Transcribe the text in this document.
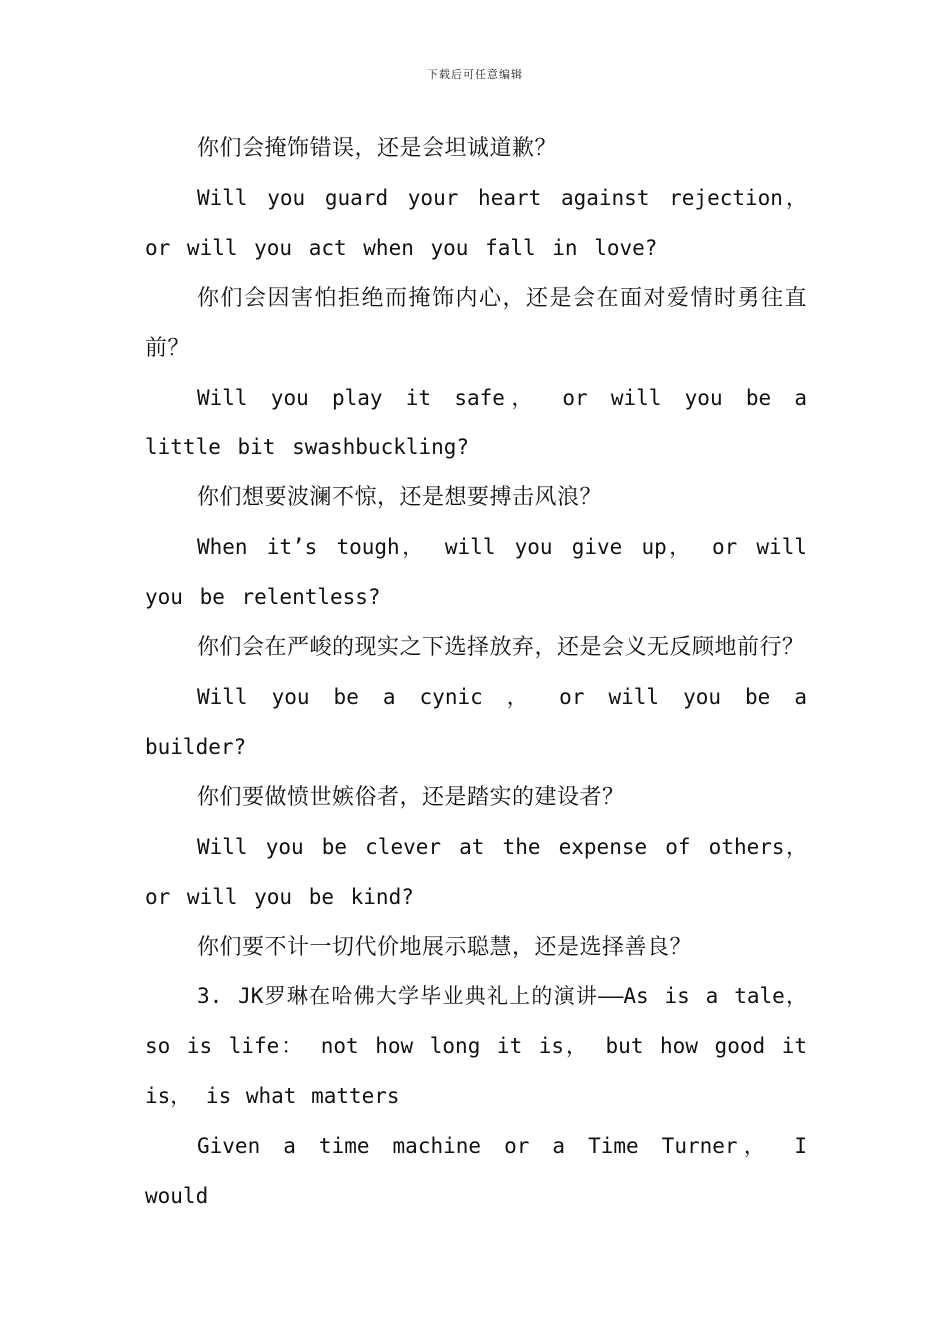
下载后可任意编辑

你们会掩饰错误，还是会坦诚道歉？

Will you guard your heart against rejection， or will you act when you fall in love?

你们会因害怕拒绝而掩饰内心，还是会在面对爱情时勇往直前？

Will you play it safe， or will you be a little bit swashbuckling?

你们想要波澜不惊，还是想要搏击风浪？

When it’s tough， will you give up， or will you be relentless?

你们会在严峻的现实之下选择放弃，还是会义无反顾地前行？

Will you be a cynic ， or will you be a builder?

你们要做愤世嫉俗者，还是踏实的建设者？

Will you be clever at the expense of others， or will you be kind?

你们要不计一切代价地展示聪慧，还是选择善良？

3. JK罗琳在哈佛大学毕业典礼上的演讲——As is a tale， so is life： not how long it is， but how good it is， is what matters

Given a time machine or a Time Turner， I would
